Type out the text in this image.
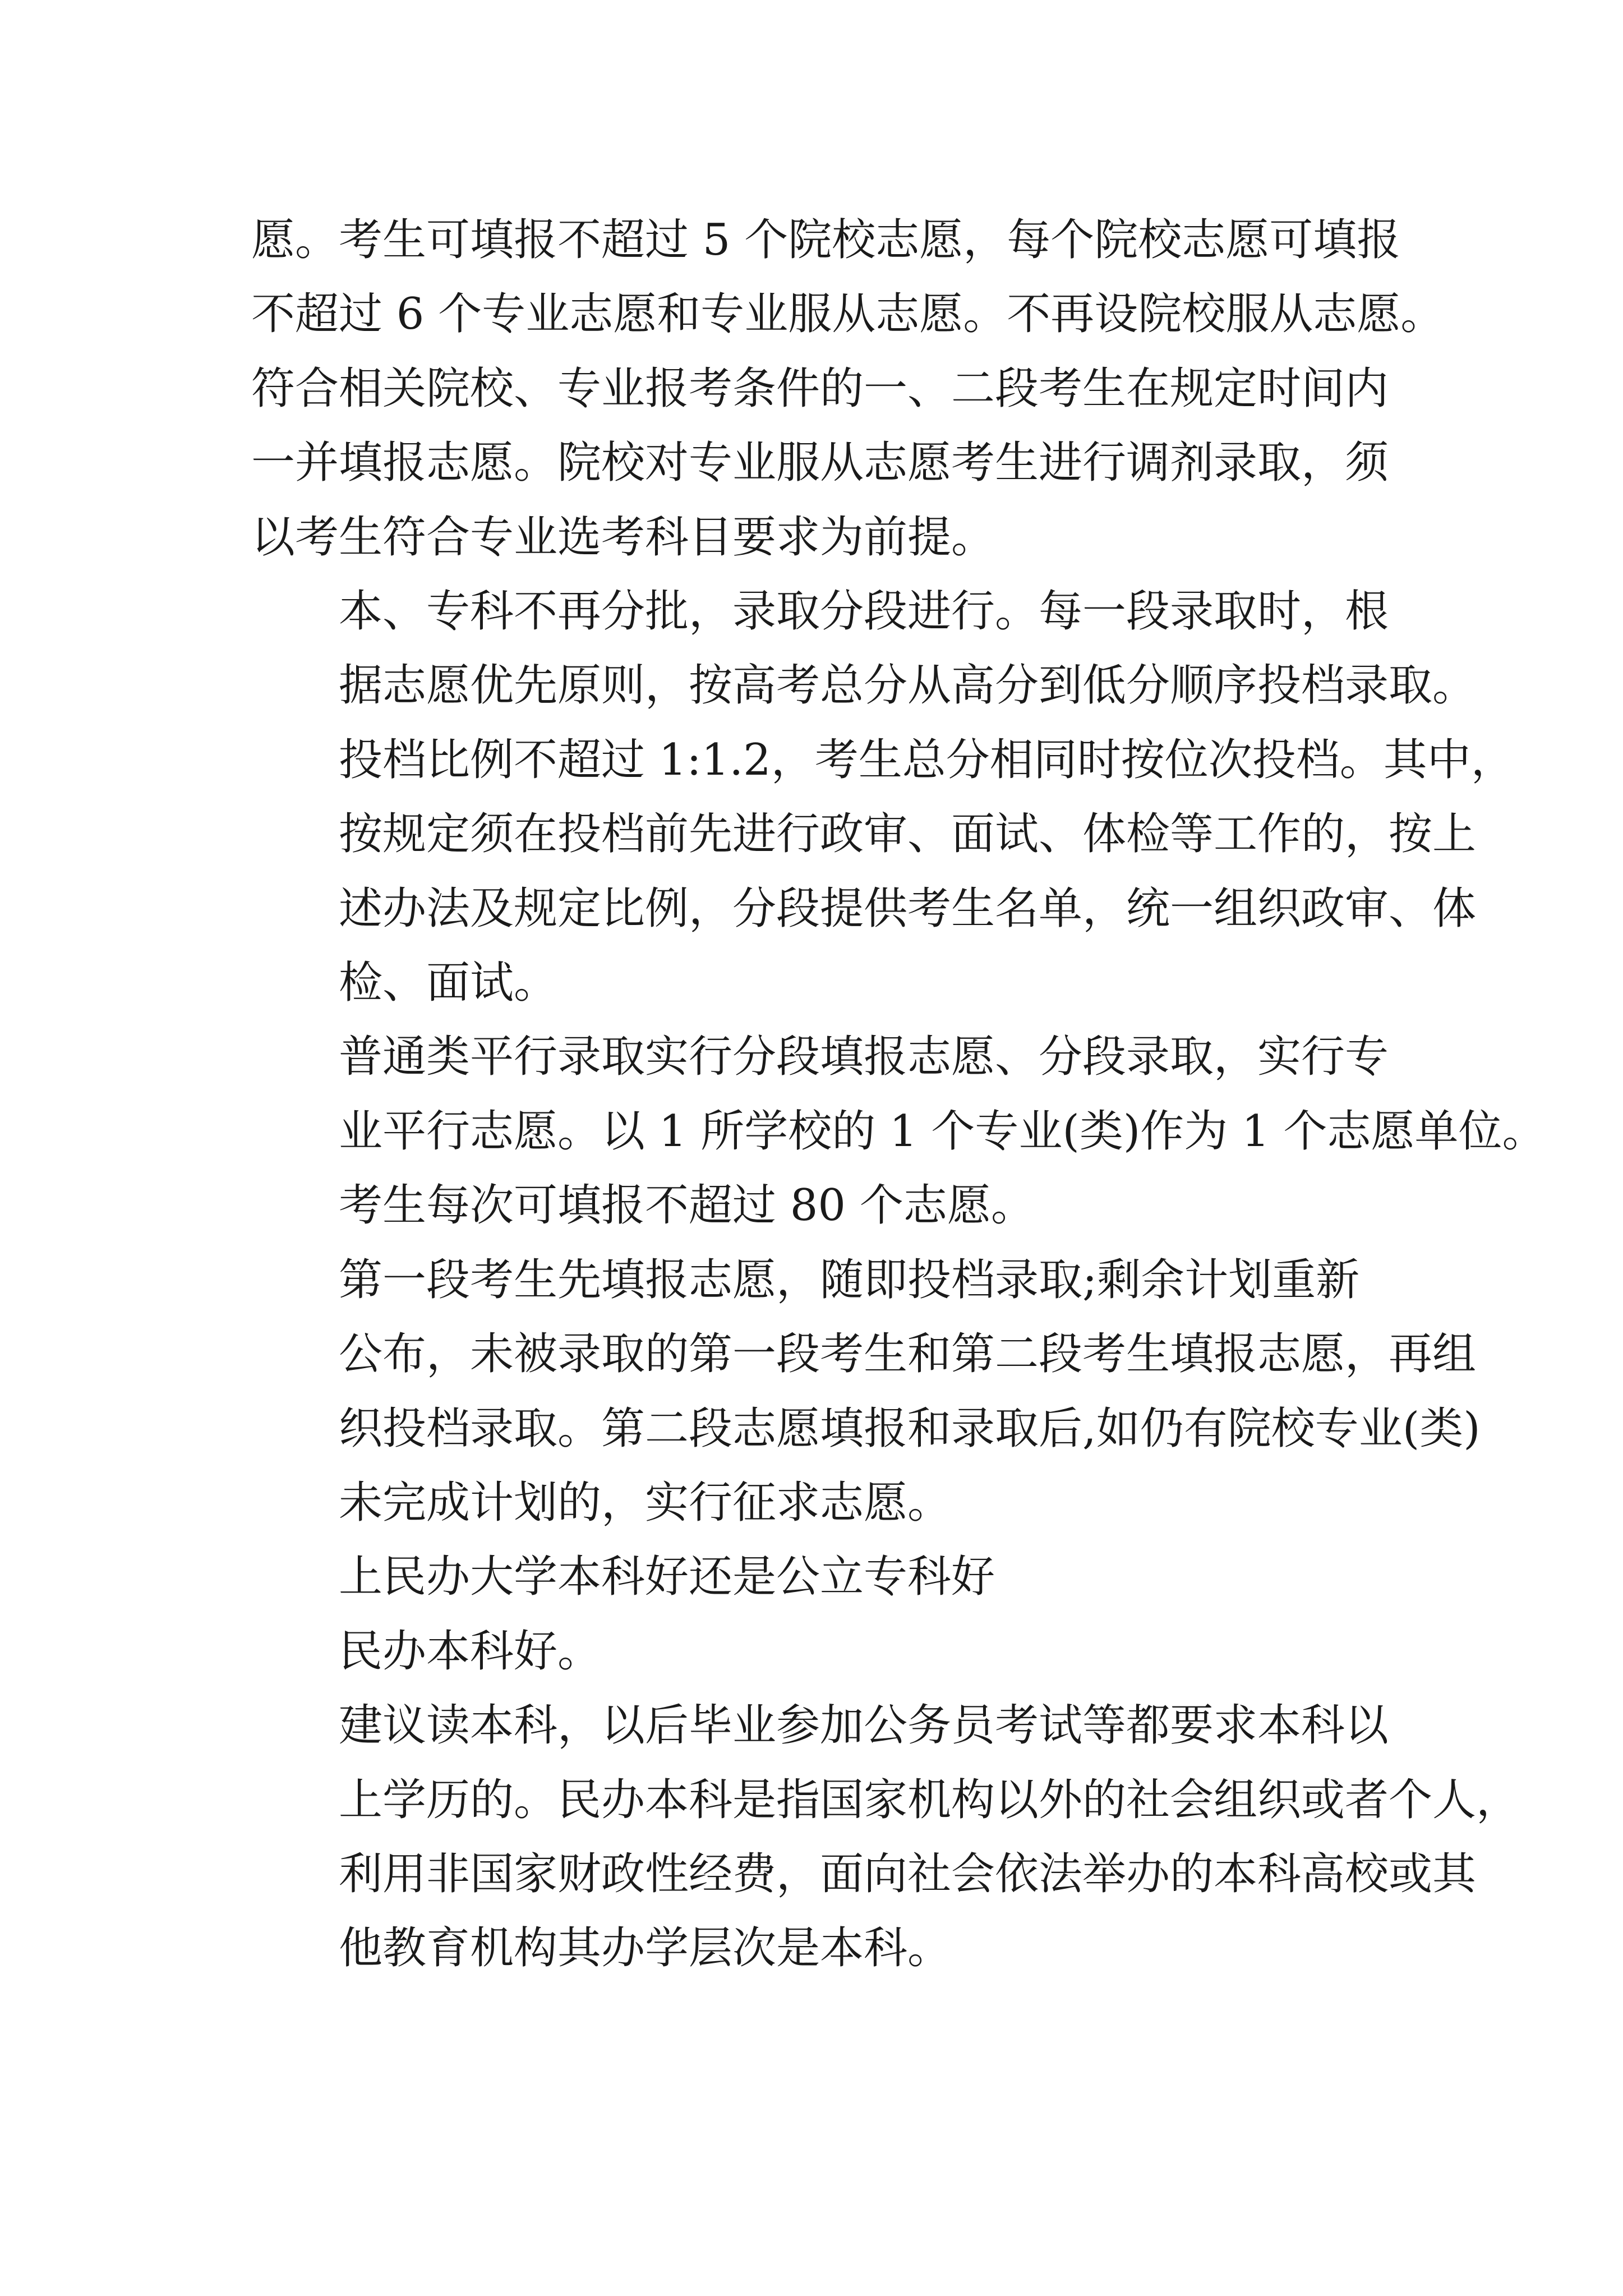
愿。考生可填报不超过 5 个院校志愿，每个院校志愿可填报
不超过 6 个专业志愿和专业服从志愿。不再设院校服从志愿。
符合相关院校、专业报考条件的一、二段考生在规定时间内
一并填报志愿。院校对专业服从志愿考生进行调剂录取，须
以考生符合专业选考科目要求为前提。

本、专科不再分批，录取分段进行。每一段录取时，根
据志愿优先原则，按高考总分从高分到低分顺序投档录取。
投档比例不超过 1:1.2，考生总分相同时按位次投档。其中，
按规定须在投档前先进行政审、面试、体检等工作的，按上
述办法及规定比例，分段提供考生名单，统一组织政审、体
检、面试。

普通类平行录取实行分段填报志愿、分段录取，实行专
业平行志愿。以 1 所学校的 1 个专业(类)作为 1 个志愿单位。
考生每次可填报不超过 80 个志愿。

第一段考生先填报志愿，随即投档录取;剩余计划重新
公布，未被录取的第一段考生和第二段考生填报志愿，再组
织投档录取。第二段志愿填报和录取后,如仍有院校专业(类)
未完成计划的，实行征求志愿。

上民办大学本科好还是公立专科好

民办本科好。

建议读本科，以后毕业参加公务员考试等都要求本科以
上学历的。民办本科是指国家机构以外的社会组织或者个人，
利用非国家财政性经费，面向社会依法举办的本科高校或其
他教育机构其办学层次是本科。
